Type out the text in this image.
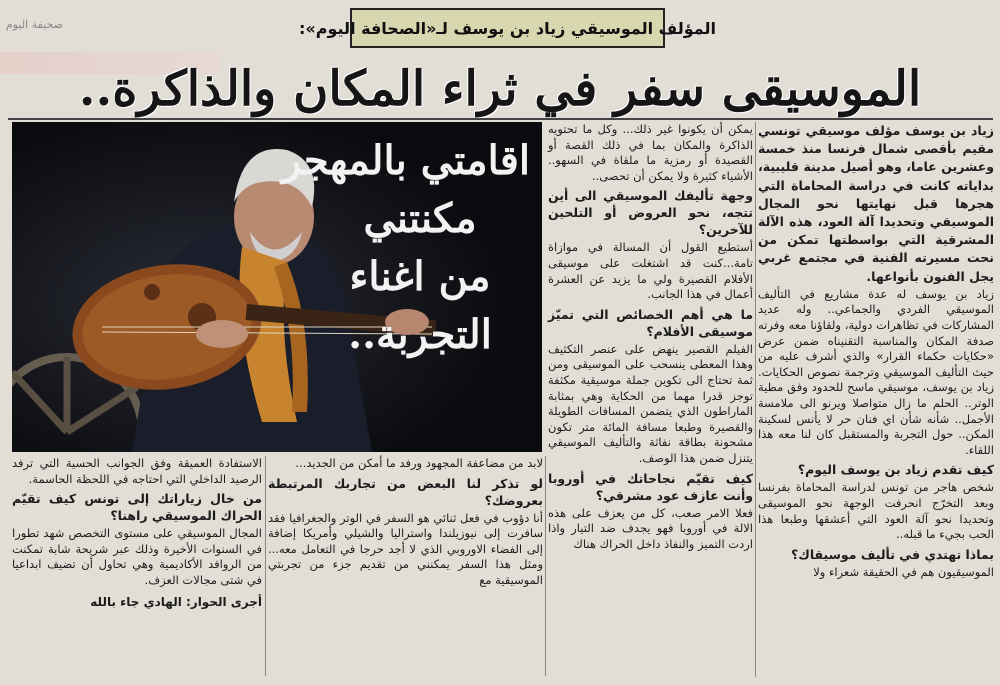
صحيفة اليوم	المؤلف الموسيقي زياد بن يوسف لـ«الصحافة اليوم»:
الموسيقى سفر في ثراء المكان والذاكرة..
اقامتي بالمهجر
مكنتني
من اغناء
التجربة..

زياد بن يوسف مؤلف موسيقي تونسي مقيم بأقصى شمال فرنسا منذ خمسة وعشرين عاما، وهو أصيل مدينة قليبية، بداياته كانت في دراسة المحاماة التي هجرها قبل نهايتها نحو المجال الموسيقي وتحديدا آلة العود، هذه الآلة المشرقية التي بواسطتها تمكن من نحت مسيرته الفنية في مجتمع غربي يجل الفنون بأنواعها.

زياد بن يوسف له عدة مشاريع في التأليف الموسيقي الفردي والجماعي.. وله عديد المشاركات في تظاهرات دولية، ولقاؤنا معه وفرته صدفة المكان والمناسبة التقنيناه ضمن عرض «حكايات حكماء القرار» والذي أشرف عليه من حيث التأليف الموسيقي وترجمة نصوص الحكايات. زياد بن يوسف، موسيقي ماسح للحدود وفق مطية الوتر.. الحلم ما زال متواصلا ويرنو الى ملامسة الأجمل.. شأنه شأن اي فنان حر لا يأنس لسكينة المكن.. حول التجربة والمستقبل كان لنا معه هذا اللقاء.

كيف تقدم زياد بن يوسف اليوم؟

شخص هاجر من تونس لدراسة المحاماة بفرنسا وبعد التخرّج انحرفت الوجهة نحو الموسيقى وتحديدا نحو آلة العود التي أعشقها وطبعا هذا الحب بجيء ما قبله..

بماذا تهتدي في تأليف موسيقاك؟

الموسيقيون هم في الحقيقة شعراء ولا

يمكن أن يكونوا غير ذلك... وكل ما تحتويه الذاكرة والمكان بما في ذلك القصة أو القصيدة أو رمزية ما ملقاة في السهو.. الأشياء كثيرة ولا يمكن أن تحصى..

وجهة تأليفك الموسيقي الى أين تتجه، نحو العروض أو التلحين للآخرين؟

أستطيع القول أن المسالة في موازاة تامة...كنت قد اشتغلت على موسيقى الأفلام القصيرة ولي ما يزيد عن العشرة أعمال في هذا الجانب.

ما هي أهم الخصائص التي تميّز موسيقى الأفلام؟

الفيلم القصير ينهض على عنصر التكثيف وهذا المعطى ينسحب على الموسيقى ومن ثمة تحتاج الى تكوين جملة موسيقية مكثفة توجز قدرا مهما من الحكاية وهي بمثابة الماراطون الذي يتضمن المسافات الطويلة والقصيرة وطبعا مسافة المائة متر تكون مشحونة بطاقة نفاثة والتأليف الموسيقي يتنزل ضمن هذا الوصف.

كيف تقيّم نجاحاتك في أوروبا وأنت عازف عود مشرقي؟

فعلا الامر صعب، كل من يعزف على هذه الالة في أوروبا فهو يجدف ضد التيار واذا اردت التميز والنفاذ داخل الحراك هناك

لابد من مضاعفة المجهود ورفد ما أمكن من الجديد...

لو تذكر لنا البعض من تجاربك المرتبطة بعروضك؟

أنا دؤوب في فعل ثنائي هو السفر في الوتر والجغرافيا فقد سافرت إلى نيوزيلندا واستراليا والشيلي وأمريكا إضافة إلى الفضاء الاوروبي الذي لا أجد حرجا في التعامل معه... ومثل هذا السفر يمكنني من تقديم جزء من تجربتي الموسيقية مع

الاستفادة العميقة وفق الجوانب الحسية التي ترفد الرصيد الداخلي التي احتاجه في اللحظة الحاسمة.

من خال زياراتك إلى تونس كيف تقيّم الحراك الموسيقي راهنا؟

المجال الموسيقي على مستوى التخصص شهد تطورا في السنوات الأخيرة وذلك عبر شريحة شابة تمكنت من الروافد الأكاديمية وهي تحاول أن تضيف ابداعيا في شتى مجالات العزف.

أجرى الحوار: الهادي جاء بالله
